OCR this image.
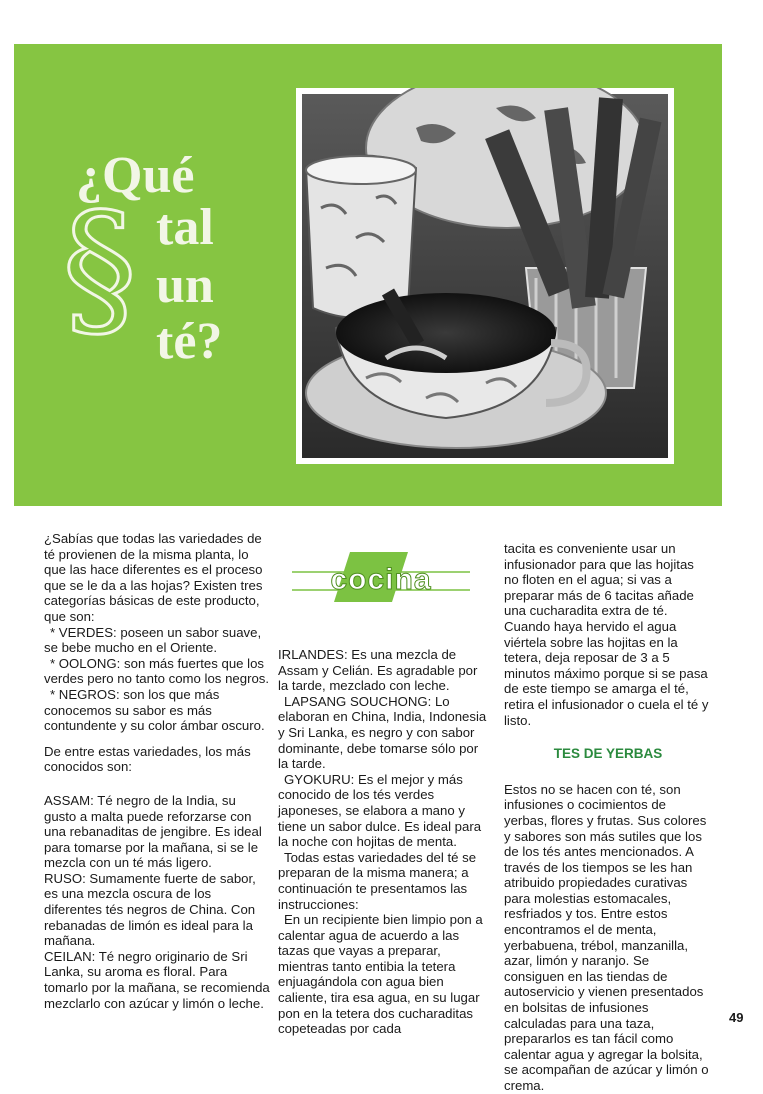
§
¿Qué
tal
un
té?
cocina

¿Sabías que todas las variedades de té provienen de la misma planta, lo que las hace diferentes es el proceso que se le da a las hojas? Existen tres categorías básicas de este producto, que son:

* VERDES: poseen un sabor suave, se bebe mucho en el Oriente.

* OOLONG: son más fuertes que los verdes pero no tanto como los negros.

* NEGROS: son los que más conocemos su sabor es más contundente y su color ámbar oscuro.

De entre estas variedades, los más conocidos son:

ASSAM: Té negro de la India, su gusto a malta puede reforzarse con una rebanaditas de jengibre. Es ideal para tomarse por la mañana, si se le mezcla con un té más ligero.

RUSO: Sumamente fuerte de sabor, es una mezcla oscura de los diferentes tés negros de China. Con rebanadas de limón es ideal para la mañana.

CEILAN: Té negro originario de Sri Lanka, su aroma es floral. Para tomarlo por la mañana, se recomienda mezclarlo con azúcar y limón o leche.

IRLANDES: Es una mezcla de Assam y Celián. Es agradable por la tarde, mezclado con leche.

LAPSANG SOUCHONG: Lo elaboran en China, India, Indonesia y Sri Lanka, es negro y con sabor dominante, debe tomarse sólo por la tarde.

GYOKURU: Es el mejor y más conocido de los tés verdes japoneses, se elabora a mano y tiene un sabor dulce. Es ideal para la noche con hojitas de menta.

Todas estas variedades del té se preparan de la misma manera; a continuación te presentamos las instrucciones:

En un recipiente bien limpio pon a calentar agua de acuerdo a las tazas que vayas a preparar, mientras tanto entibia la tetera enjuagándola con agua bien caliente, tira esa agua, en su lugar pon en la tetera dos cucharaditas copeteadas por cada

tacita es conveniente usar un infusionador para que las hojitas no floten en el agua; si vas a preparar más de 6 tacitas añade una cucharadita extra de té. Cuando haya hervido el agua viértela sobre las hojitas en la tetera, deja reposar de 3 a 5 minutos máximo porque si se pasa de este tiempo se amarga el té, retira el infusionador o cuela el té y listo.

TES DE YERBAS

Estos no se hacen con té, son infusiones o cocimientos de yerbas, flores y frutas. Sus colores y sabores son más sutiles que los de los tés antes mencionados. A través de los tiempos se les han atribuido propiedades curativas para molestias estomacales, resfriados y tos. Entre estos encontramos el de menta, yerbabuena, trébol, manzanilla, azar, limón y naranjo. Se consiguen en las tiendas de autoservicio y vienen presentados en bolsitas de infusiones calculadas para una taza, prepararlos es tan fácil como calentar agua y agregar la bolsita, se acompañan de azúcar y limón o crema.

49
